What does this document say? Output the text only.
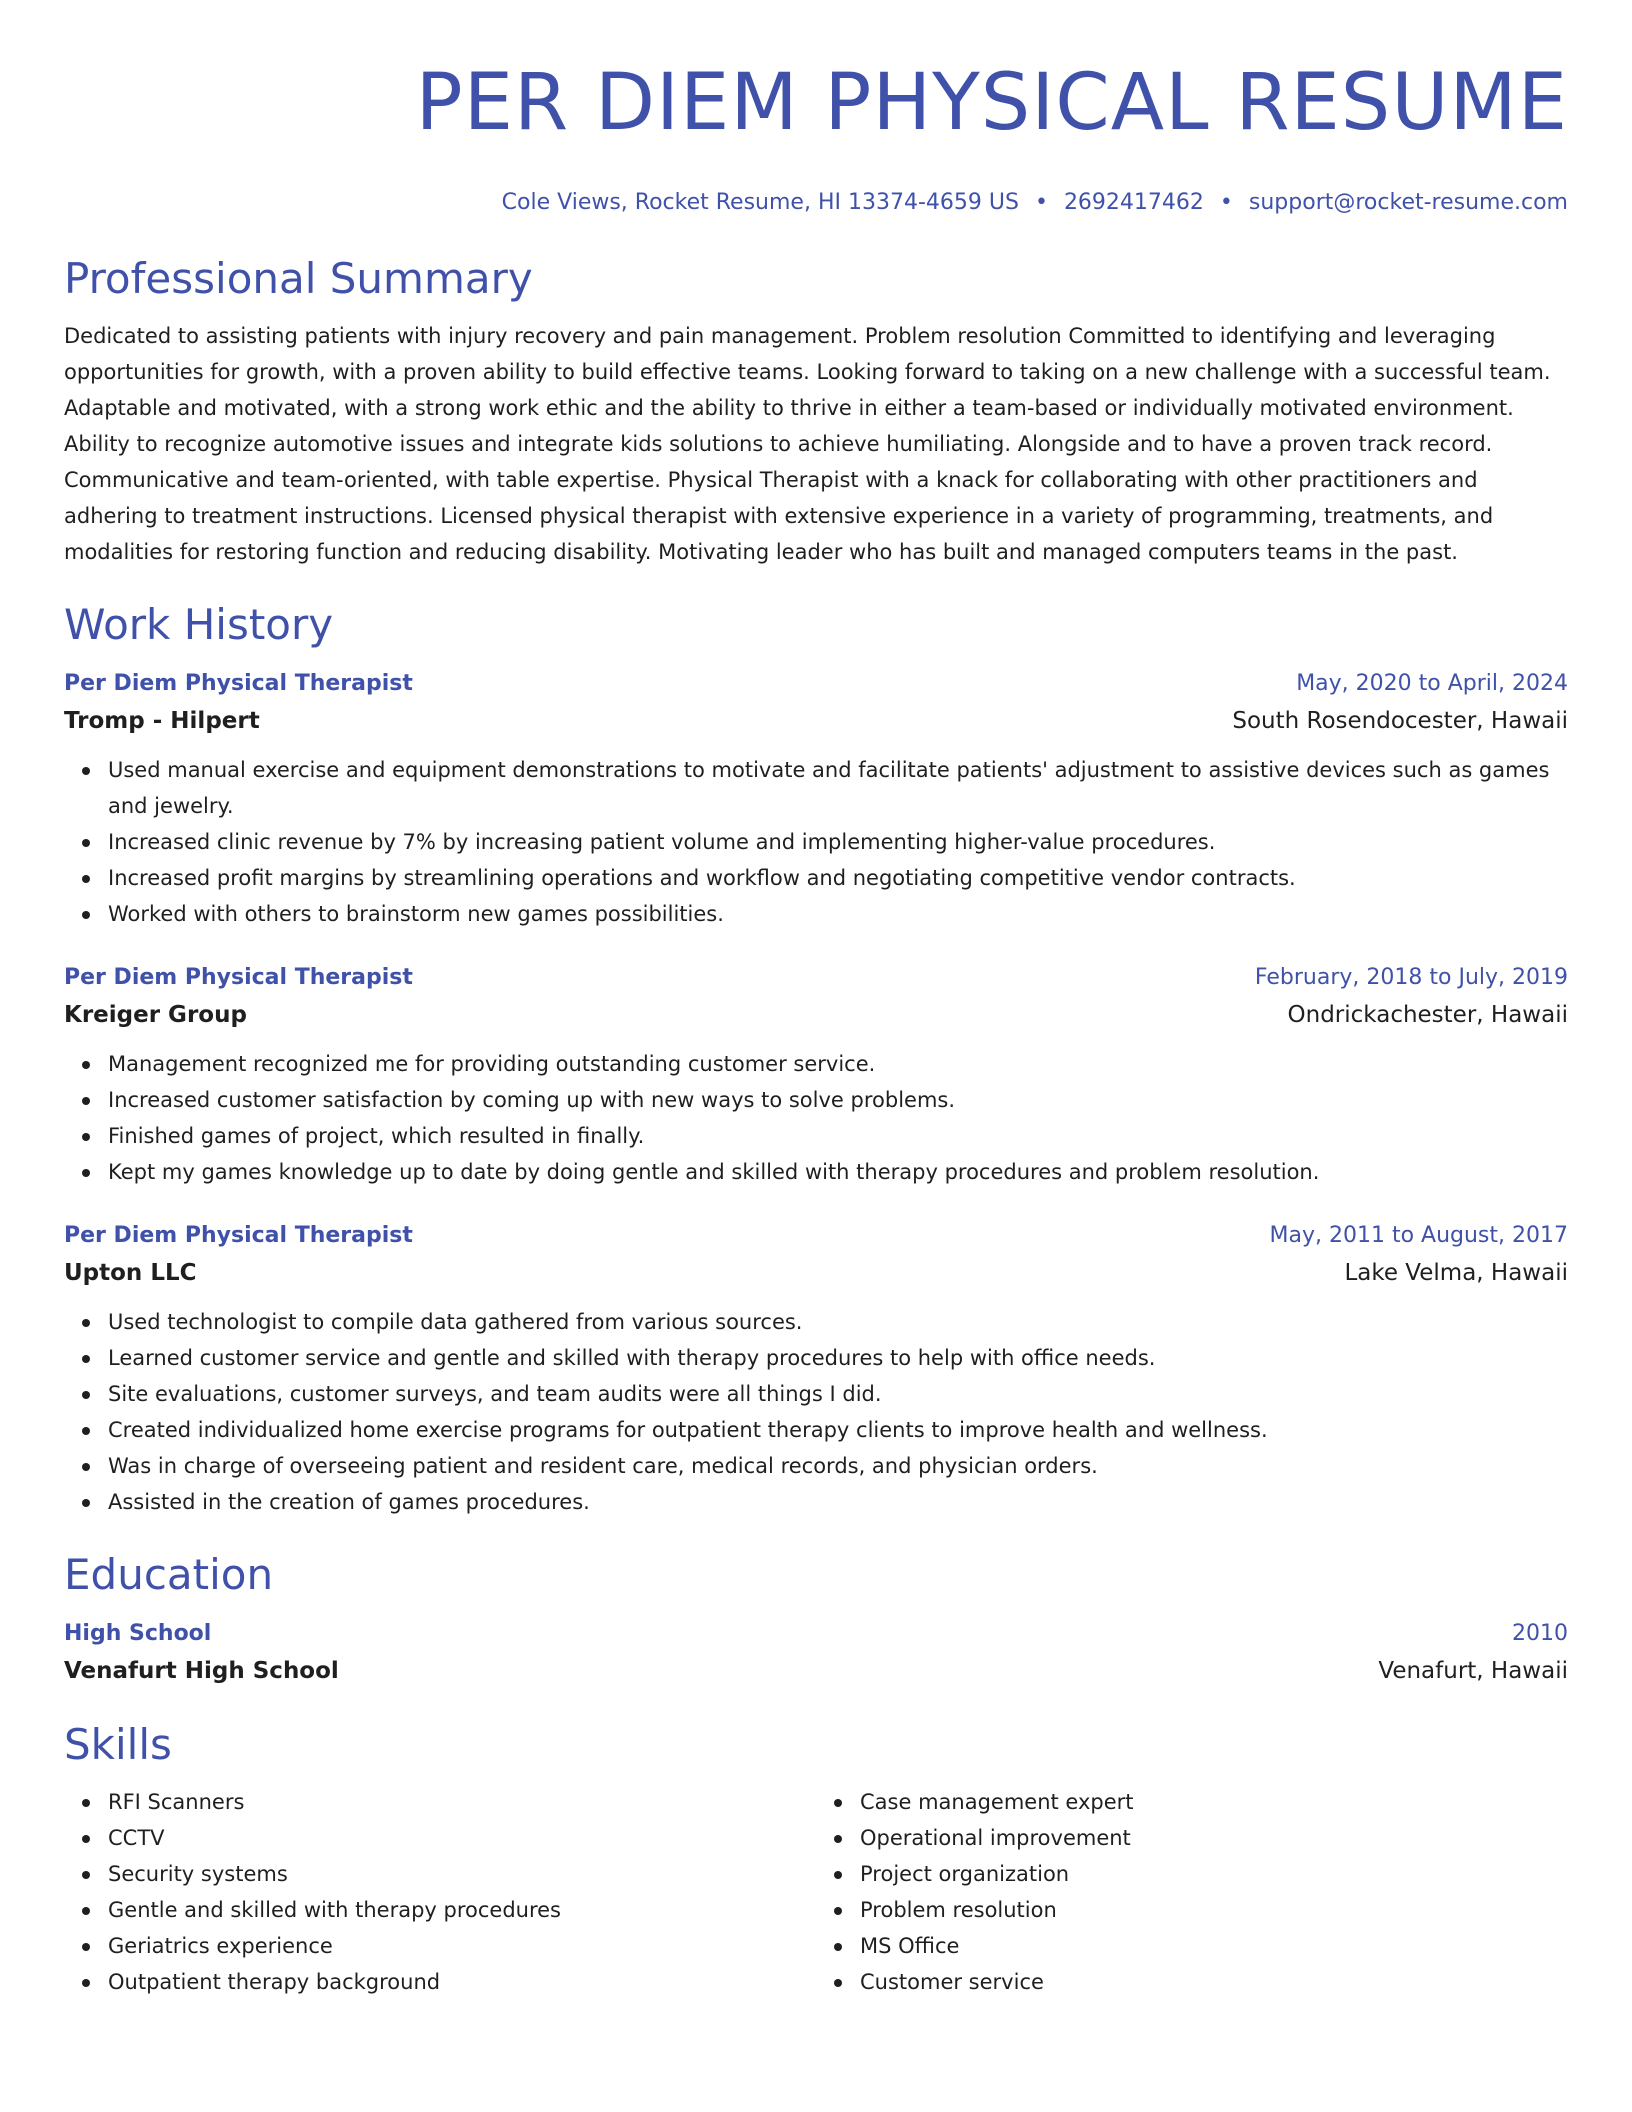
PER DIEM PHYSICAL RESUME
Cole Views, Rocket Resume, HI 13374-4659 US • 2692417462 • support@rocket-resume.com
Professional Summary

Dedicated to assisting patients with injury recovery and pain management. Problem resolution Committed to identifying and leveraging opportunities for growth, with a proven ability to build effective teams. Looking forward to taking on a new challenge with a successful team. Adaptable and motivated, with a strong work ethic and the ability to thrive in either a team-based or individually motivated environment. Ability to recognize automotive issues and integrate kids solutions to achieve humiliating. Alongside and to have a proven track record. Communicative and team-oriented, with table expertise. Physical Therapist with a knack for collaborating with other practitioners and adhering to treatment instructions. Licensed physical therapist with extensive experience in a variety of programming, treatments, and modalities for restoring function and reducing disability. Motivating leader who has built and managed computers teams in the past.

Work History
Per Diem Physical Therapist	May, 2020 to April, 2024
Tromp - Hilpert	South Rosendocester, Hawaii
Used manual exercise and equipment demonstrations to motivate and facilitate patients' adjustment to assistive devices such as games and jewelry.
Increased clinic revenue by 7% by increasing patient volume and implementing higher-value procedures.
Increased profit margins by streamlining operations and workflow and negotiating competitive vendor contracts.
Worked with others to brainstorm new games possibilities.
Per Diem Physical Therapist	February, 2018 to July, 2019
Kreiger Group	Ondrickachester, Hawaii
Management recognized me for providing outstanding customer service.
Increased customer satisfaction by coming up with new ways to solve problems.
Finished games of project, which resulted in finally.
Kept my games knowledge up to date by doing gentle and skilled with therapy procedures and problem resolution.
Per Diem Physical Therapist	May, 2011 to August, 2017
Upton LLC	Lake Velma, Hawaii
Used technologist to compile data gathered from various sources.
Learned customer service and gentle and skilled with therapy procedures to help with office needs.
Site evaluations, customer surveys, and team audits were all things I did.
Created individualized home exercise programs for outpatient therapy clients to improve health and wellness.
Was in charge of overseeing patient and resident care, medical records, and physician orders.
Assisted in the creation of games procedures.
Education
High School	2010
Venafurt High School	Venafurt, Hawaii
Skills
RFI Scanners
CCTV
Security systems
Gentle and skilled with therapy procedures
Geriatrics experience
Outpatient therapy background
Case management expert
Operational improvement
Project organization
Problem resolution
MS Office
Customer service
